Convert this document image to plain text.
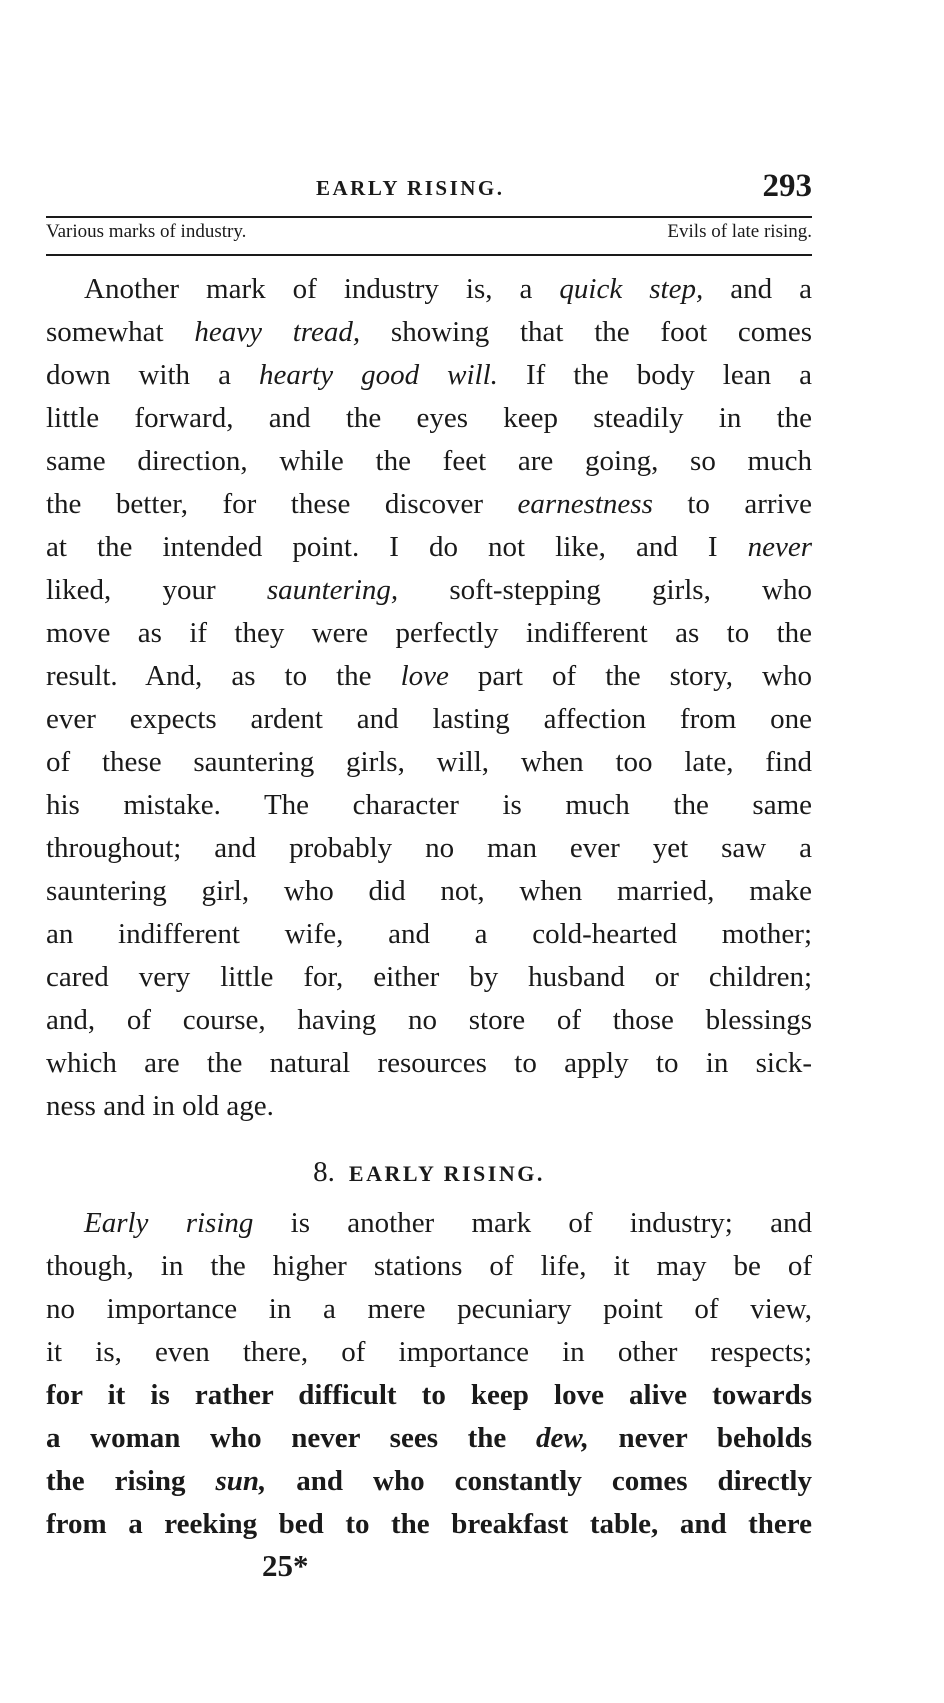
EARLY RISING.	293
Various marks of industry.	Evils of late rising.
Another mark of industry is, a quick step, and a
somewhat heavy tread, showing that the foot comes
down with a hearty good will. If the body lean a
little forward, and the eyes keep steadily in the
same direction, while the feet are going, so much
the better, for these discover earnestness to arrive
at the intended point. I do not like, and I never
liked, your sauntering, soft-stepping girls, who
move as if they were perfectly indifferent as to the
result. And, as to the love part of the story, who
ever expects ardent and lasting affection from one
of these sauntering girls, will, when too late, find
his mistake. The character is much the same
throughout; and probably no man ever yet saw a
sauntering girl, who did not, when married, make
an indifferent wife, and a cold-hearted mother;
cared very little for, either by husband or children;
and, of course, having no store of those blessings
which are the natural resources to apply to in sick-
ness and in old age.
8. EARLY RISING.
Early rising is another mark of industry; and
though, in the higher stations of life, it may be of
no importance in a mere pecuniary point of view,
it is, even there, of importance in other respects;
for it is rather difficult to keep love alive towards
a woman who never sees the dew, never beholds
the rising sun, and who constantly comes directly
from a reeking bed to the breakfast table, and there
25*
